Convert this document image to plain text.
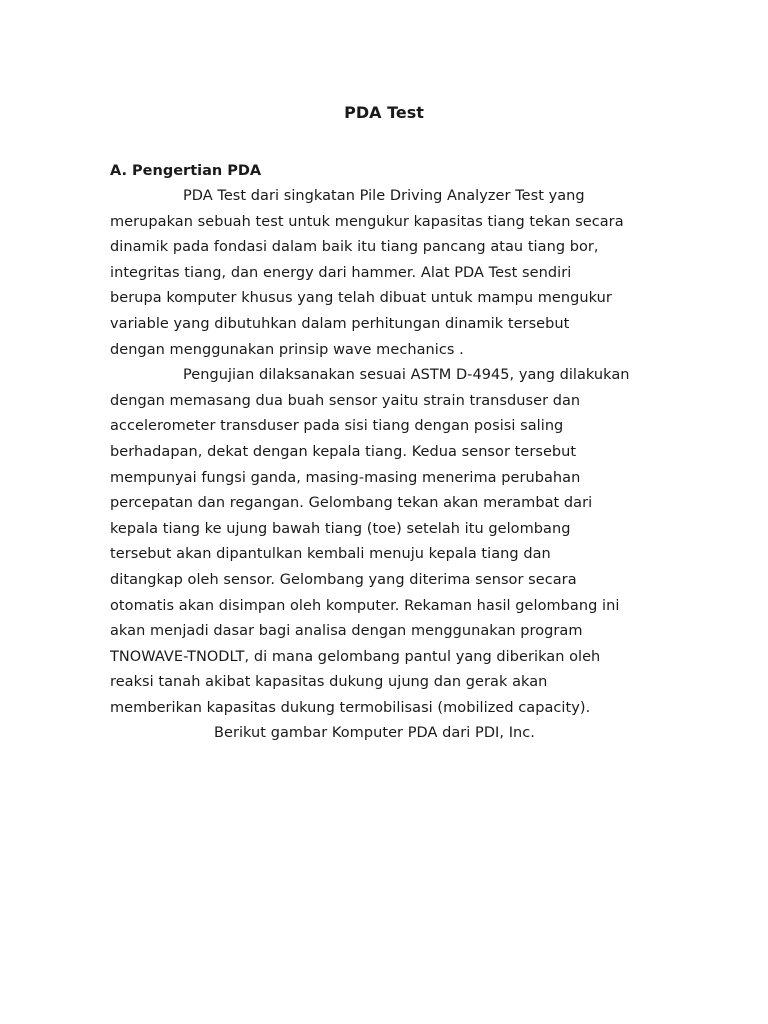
PDA Test
A. Pengertian PDA
PDA Test dari singkatan Pile Driving Analyzer Test yang
merupakan sebuah test untuk mengukur kapasitas tiang tekan secara
dinamik pada fondasi dalam baik itu tiang pancang atau tiang bor,
integritas tiang, dan energy dari hammer. Alat PDA Test sendiri
berupa komputer khusus yang telah dibuat untuk mampu mengukur
variable yang dibutuhkan dalam perhitungan dinamik tersebut
dengan menggunakan prinsip wave mechanics .
Pengujian dilaksanakan sesuai ASTM D-4945, yang dilakukan
dengan memasang dua buah sensor yaitu strain transduser dan
accelerometer transduser pada sisi tiang dengan posisi saling
berhadapan, dekat dengan kepala tiang. Kedua sensor tersebut
mempunyai fungsi ganda, masing-masing menerima perubahan
percepatan dan regangan. Gelombang tekan akan merambat dari
kepala tiang ke ujung bawah tiang (toe) setelah itu gelombang
tersebut akan dipantulkan kembali menuju kepala tiang dan
ditangkap oleh sensor. Gelombang yang diterima sensor secara
otomatis akan disimpan oleh komputer. Rekaman hasil gelombang ini
akan menjadi dasar bagi analisa dengan menggunakan program
TNOWAVE-TNODLT, di mana gelombang pantul yang diberikan oleh
reaksi tanah akibat kapasitas dukung ujung dan gerak akan
memberikan kapasitas dukung termobilisasi (mobilized capacity).
Berikut gambar Komputer PDA dari PDI, Inc.
